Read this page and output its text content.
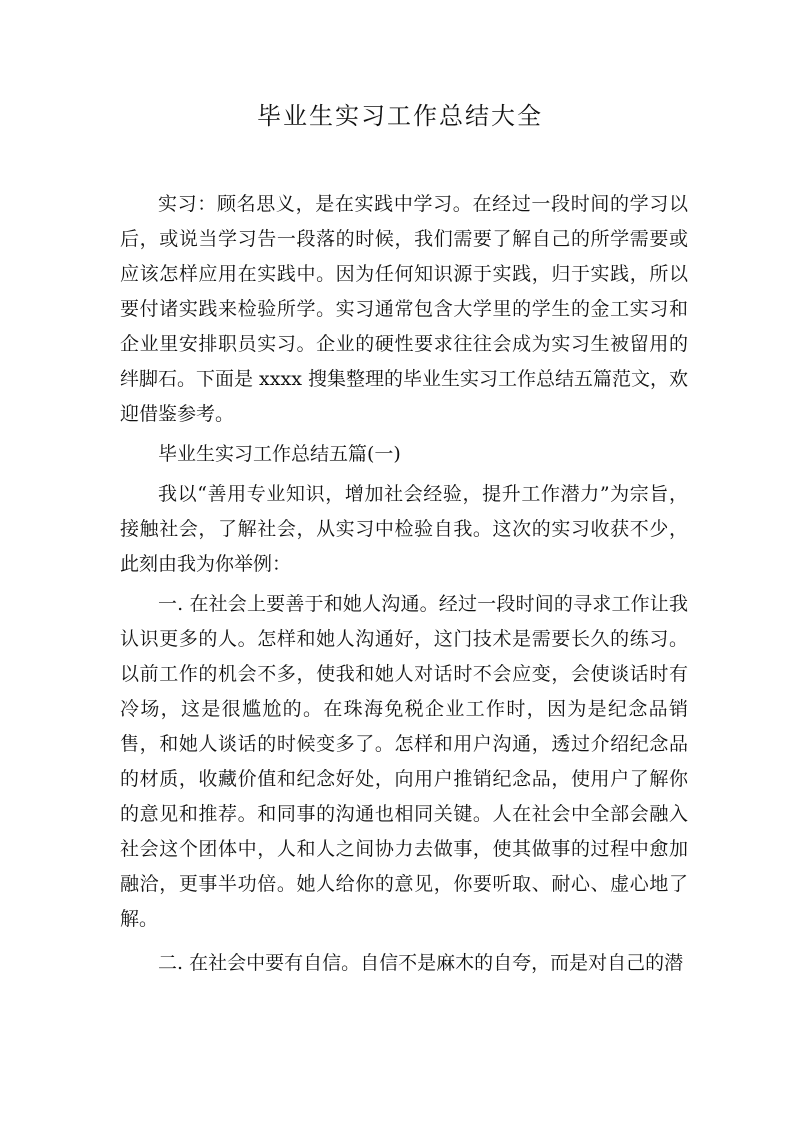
毕业生实习工作总结大全

实习：顾名思义，是在实践中学习。在经过一段时间的学习以后，或说当学习告一段落的时候，我们需要了解自己的所学需要或应该怎样应用在实践中。因为任何知识源于实践，归于实践，所以要付诸实践来检验所学。实习通常包含大学里的学生的金工实习和企业里安排职员实习。企业的硬性要求往往会成为实习生被留用的绊脚石。下面是 xxxx 搜集整理的毕业生实习工作总结五篇范文，欢迎借鉴参考。

毕业生实习工作总结五篇(一)

我以“善用专业知识，增加社会经验，提升工作潜力”为宗旨，接触社会，了解社会，从实习中检验自我。这次的实习收获不少，此刻由我为你举例：

一. 在社会上要善于和她人沟通。经过一段时间的寻求工作让我认识更多的人。怎样和她人沟通好，这门技术是需要长久的练习。以前工作的机会不多，使我和她人对话时不会应变，会使谈话时有冷场，这是很尴尬的。在珠海免税企业工作时，因为是纪念品销售，和她人谈话的时候变多了。怎样和用户沟通，透过介绍纪念品的材质，收藏价值和纪念好处，向用户推销纪念品，使用户了解你的意见和推荐。和同事的沟通也相同关键。人在社会中全部会融入社会这个团体中，人和人之间协力去做事，使其做事的过程中愈加融洽，更事半功倍。她人给你的意见，你要听取、耐心、虚心地了解。

二. 在社会中要有自信。自信不是麻木的自夸，而是对自己的潜
